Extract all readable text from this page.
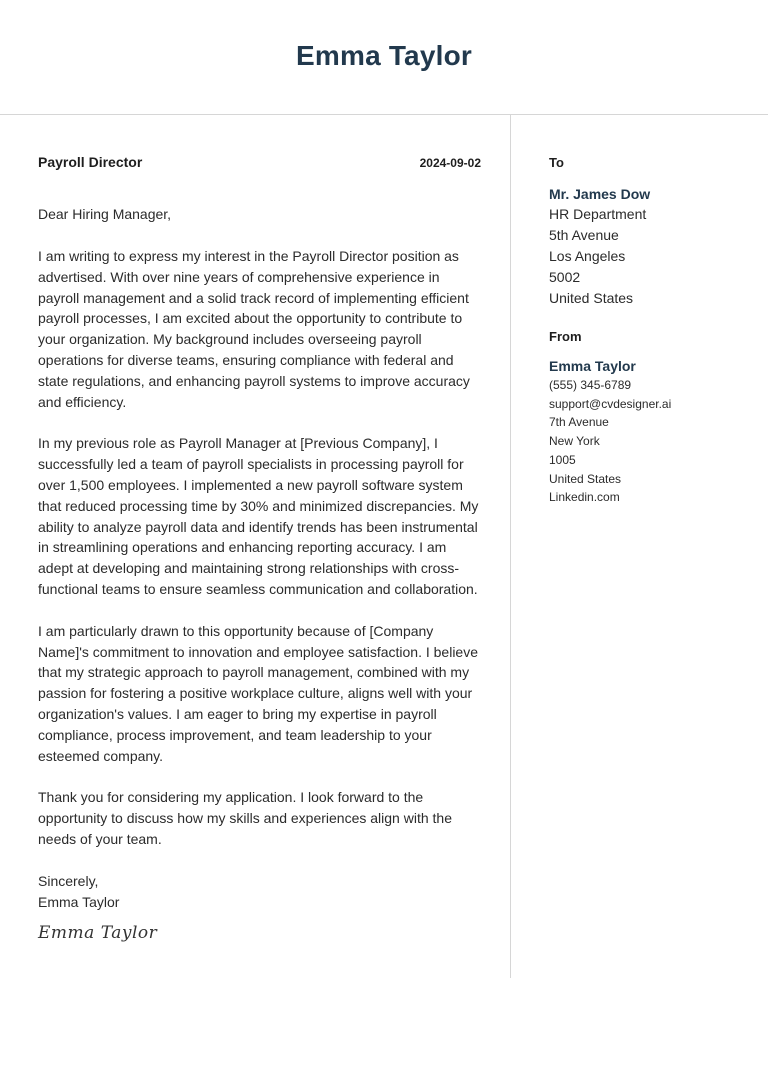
Emma Taylor
Payroll Director	2024-09-02
Dear Hiring Manager,
I am writing to express my interest in the Payroll Director position as advertised. With over nine years of comprehensive experience in payroll management and a solid track record of implementing efficient payroll processes, I am excited about the opportunity to contribute to your organization. My background includes overseeing payroll operations for diverse teams, ensuring compliance with federal and state regulations, and enhancing payroll systems to improve accuracy and efficiency.
In my previous role as Payroll Manager at [Previous Company], I successfully led a team of payroll specialists in processing payroll for over 1,500 employees. I implemented a new payroll software system that reduced processing time by 30% and minimized discrepancies. My ability to analyze payroll data and identify trends has been instrumental in streamlining operations and enhancing reporting accuracy. I am adept at developing and maintaining strong relationships with cross-functional teams to ensure seamless communication and collaboration.
I am particularly drawn to this opportunity because of [Company Name]'s commitment to innovation and employee satisfaction. I believe that my strategic approach to payroll management, combined with my passion for fostering a positive workplace culture, aligns well with your organization's values. I am eager to bring my expertise in payroll compliance, process improvement, and team leadership to your esteemed company.
Thank you for considering my application. I look forward to the opportunity to discuss how my skills and experiences align with the needs of your team.
Sincerely,
Emma Taylor
Emma Taylor
To
Mr. James Dow
HR Department
5th Avenue
Los Angeles
5002
United States
From
Emma Taylor
(555) 345-6789
support@cvdesigner.ai
7th Avenue
New York
1005
United States
Linkedin.com
